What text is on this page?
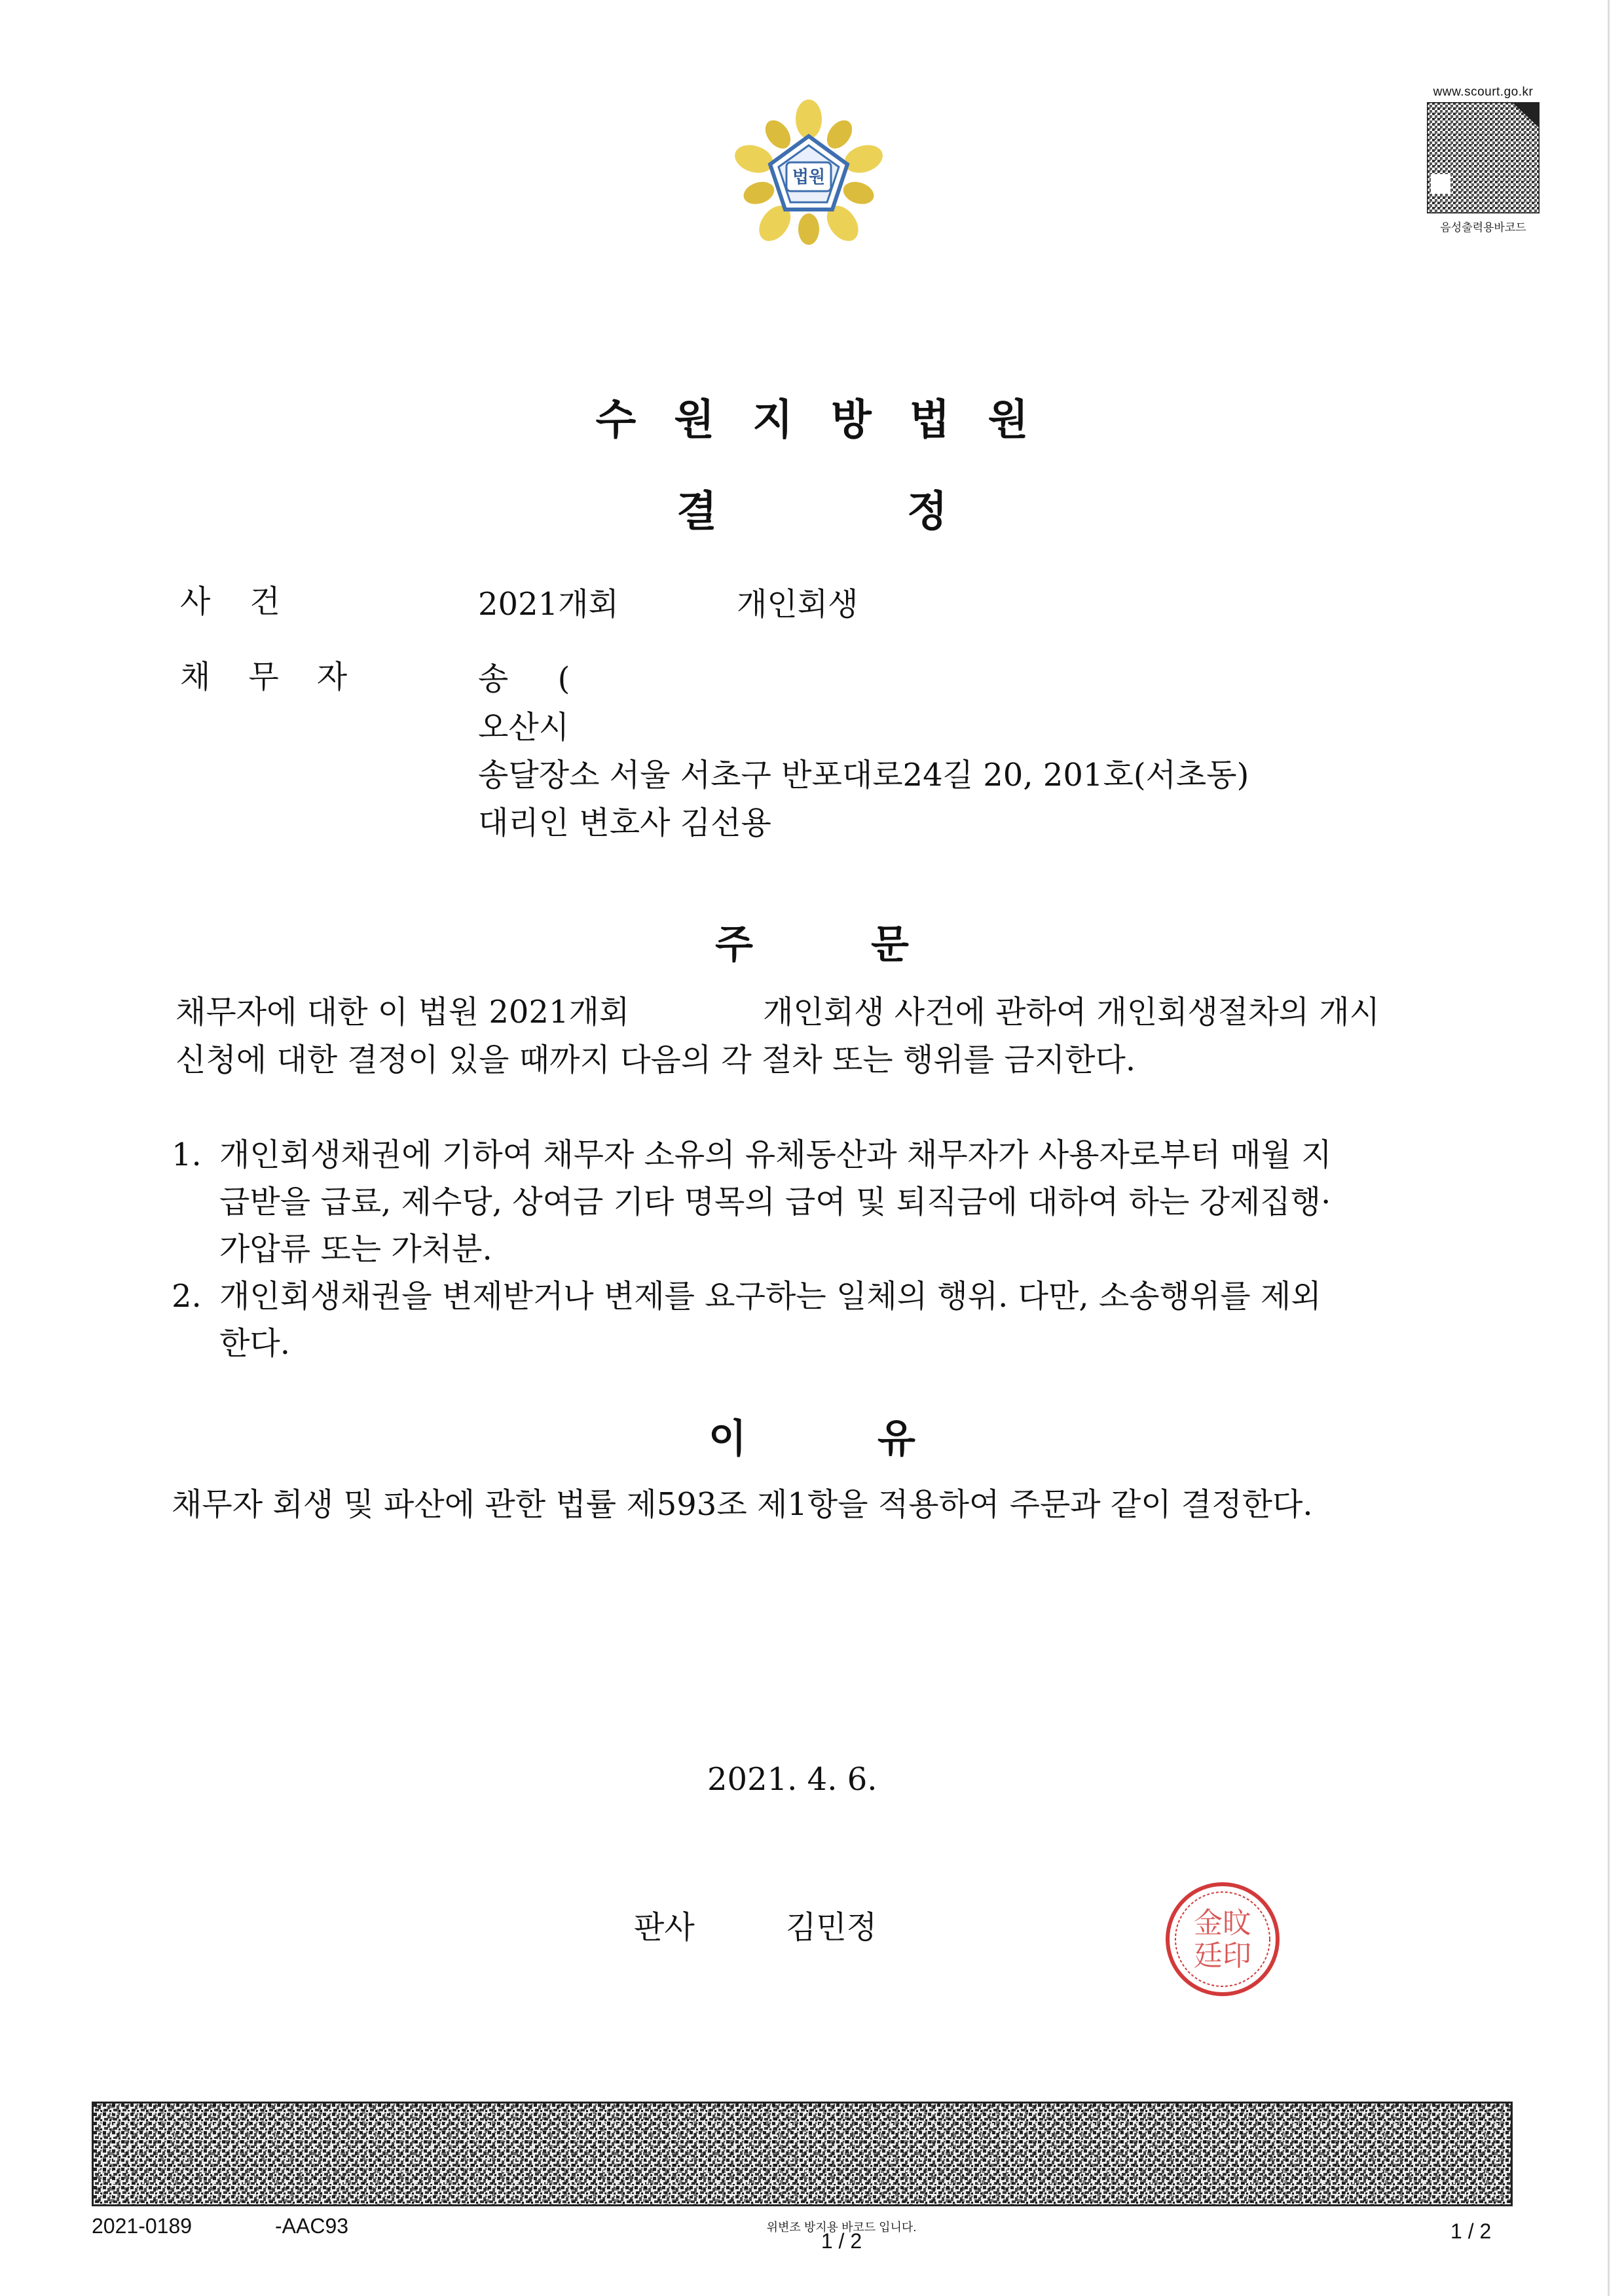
법원
www.scourt.go.kr
음성출력용바코드
수원지방법원
결정
사건	2021개회	개인회생
채무자	송 (
오산시
송달장소 서울 서초구 반포대로24길 20, 201호(서초동)
대리인 변호사 김선용
주문
채무자에 대한 이 법원 2021개회	개인회생 사건에 관하여 개인회생절차의 개시
신청에 대한 결정이 있을 때까지 다음의 각 절차 또는 행위를 금지한다.
1. 개인회생채권에 기하여 채무자 소유의 유체동산과 채무자가 사용자로부터 매월 지
급받을 급료, 제수당, 상여금 기타 명목의 급여 및 퇴직금에 대하여 하는 강제집행·
가압류 또는 가처분.
2. 개인회생채권을 변제받거나 변제를 요구하는 일체의 행위. 다만, 소송행위를 제외
한다.
이유
채무자 회생 및 파산에 관한 법률 제593조 제1항을 적용하여 주문과 같이 결정한다.
2021. 4. 6.
판사	김민정	金旼
廷印
2021-0189	-AAC93	위변조 방지용 바코드 입니다.
1 / 2	1 / 2
